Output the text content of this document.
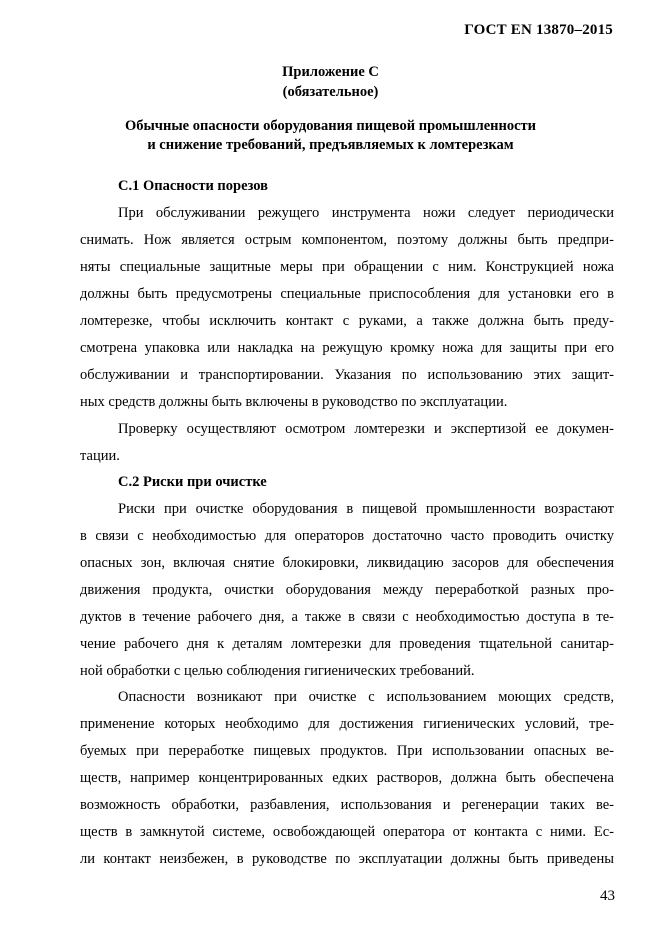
ГОСТ EN 13870–2015
Приложение С
(обязательное)
Обычные опасности оборудования пищевой промышленности
и снижение требований, предъявляемых к ломтерезкам
С.1 Опасности порезов
При обслуживании режущего инструмента ножи следует периодически
снимать. Нож является острым компонентом, поэтому должны быть предпри-
няты специальные защитные меры при обращении с ним. Конструкцией ножа
должны быть предусмотрены специальные приспособления для установки его в
ломтерезке, чтобы исключить контакт с руками, а также должна быть преду-
смотрена упаковка или накладка на режущую кромку ножа для защиты при его
обслуживании и транспортировании. Указания по использованию этих защит-
ных средств должны быть включены в руководство по эксплуатации.
Проверку осуществляют осмотром ломтерезки и экспертизой ее докумен-
тации.
С.2 Риски при очистке
Риски при очистке оборудования в пищевой промышленности возрастают
в связи с необходимостью для операторов достаточно часто проводить очистку
опасных зон, включая снятие блокировки, ликвидацию засоров для обеспечения
движения продукта, очистки оборудования между переработкой разных про-
дуктов в течение рабочего дня, а также в связи с необходимостью доступа в те-
чение рабочего дня к деталям ломтерезки для проведения тщательной санитар-
ной обработки с целью соблюдения гигиенических требований.
Опасности возникают при очистке с использованием моющих средств,
применение которых необходимо для достижения гигиенических условий, тре-
буемых при переработке пищевых продуктов. При использовании опасных ве-
ществ, например концентрированных едких растворов, должна быть обеспечена
возможность обработки, разбавления, использования и регенерации таких ве-
ществ в замкнутой системе, освобождающей оператора от контакта с ними. Ес-
ли контакт неизбежен, в руководстве по эксплуатации должны быть приведены
43
